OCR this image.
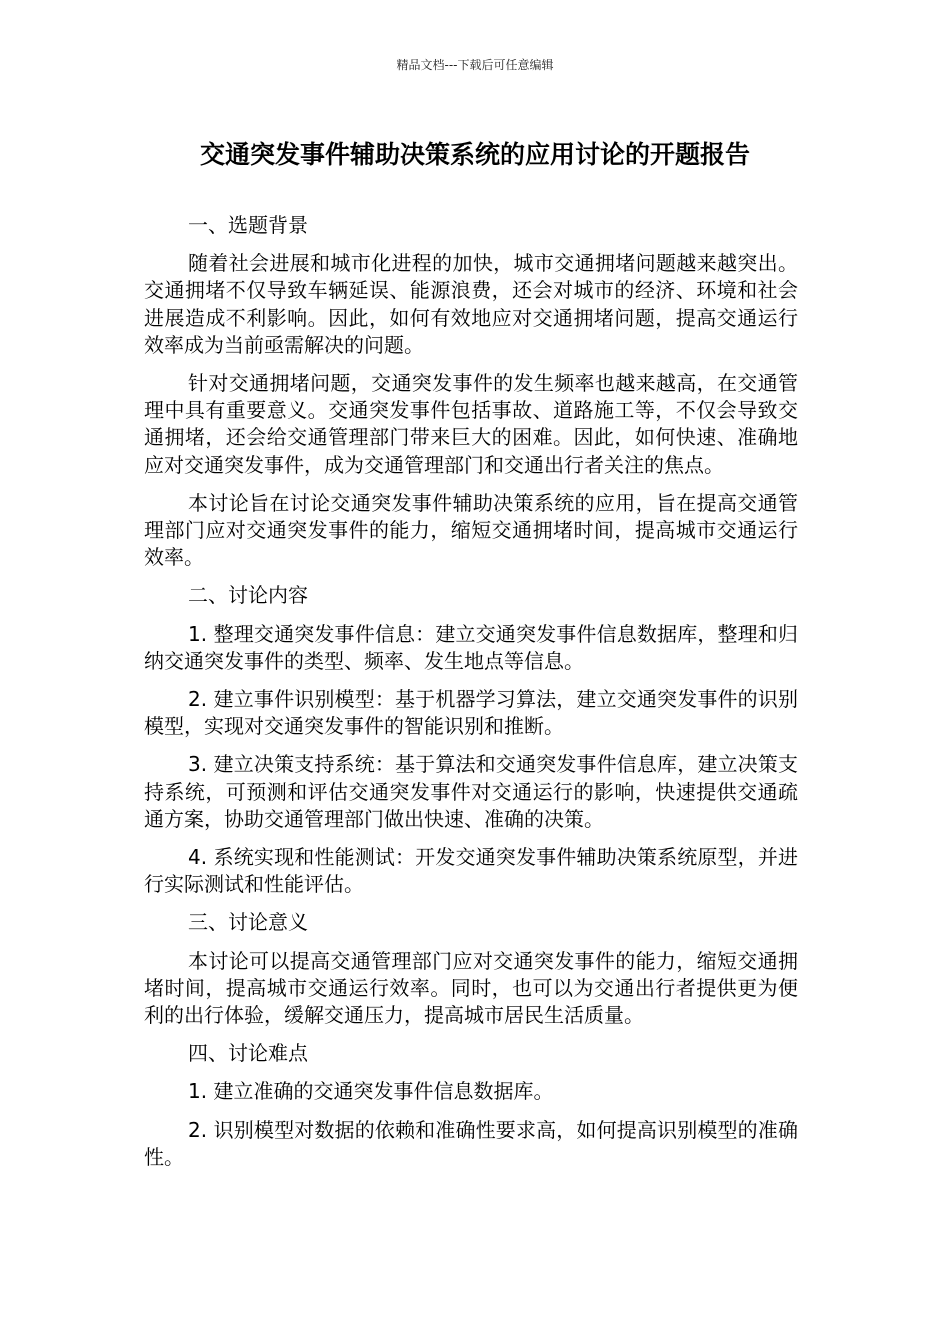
精品文档---下载后可任意编辑
交通突发事件辅助决策系统的应用讨论的开题报告

一、选题背景

随着社会进展和城市化进程的加快，城市交通拥堵问题越来越突出。交通拥堵不仅导致车辆延误、能源浪费，还会对城市的经济、环境和社会进展造成不利影响。因此，如何有效地应对交通拥堵问题，提高交通运行效率成为当前亟需解决的问题。

针对交通拥堵问题，交通突发事件的发生频率也越来越高，在交通管理中具有重要意义。交通突发事件包括事故、道路施工等，不仅会导致交通拥堵，还会给交通管理部门带来巨大的困难。因此，如何快速、准确地应对交通突发事件，成为交通管理部门和交通出行者关注的焦点。

本讨论旨在讨论交通突发事件辅助决策系统的应用，旨在提高交通管理部门应对交通突发事件的能力，缩短交通拥堵时间，提高城市交通运行效率。

二、讨论内容

1. 整理交通突发事件信息：建立交通突发事件信息数据库，整理和归纳交通突发事件的类型、频率、发生地点等信息。

2. 建立事件识别模型：基于机器学习算法，建立交通突发事件的识别模型，实现对交通突发事件的智能识别和推断。

3. 建立决策支持系统：基于算法和交通突发事件信息库，建立决策支持系统，可预测和评估交通突发事件对交通运行的影响，快速提供交通疏通方案，协助交通管理部门做出快速、准确的决策。

4. 系统实现和性能测试：开发交通突发事件辅助决策系统原型，并进行实际测试和性能评估。

三、讨论意义

本讨论可以提高交通管理部门应对交通突发事件的能力，缩短交通拥堵时间，提高城市交通运行效率。同时，也可以为交通出行者提供更为便利的出行体验，缓解交通压力，提高城市居民生活质量。

四、讨论难点

1. 建立准确的交通突发事件信息数据库。

2. 识别模型对数据的依赖和准确性要求高，如何提高识别模型的准确性。
